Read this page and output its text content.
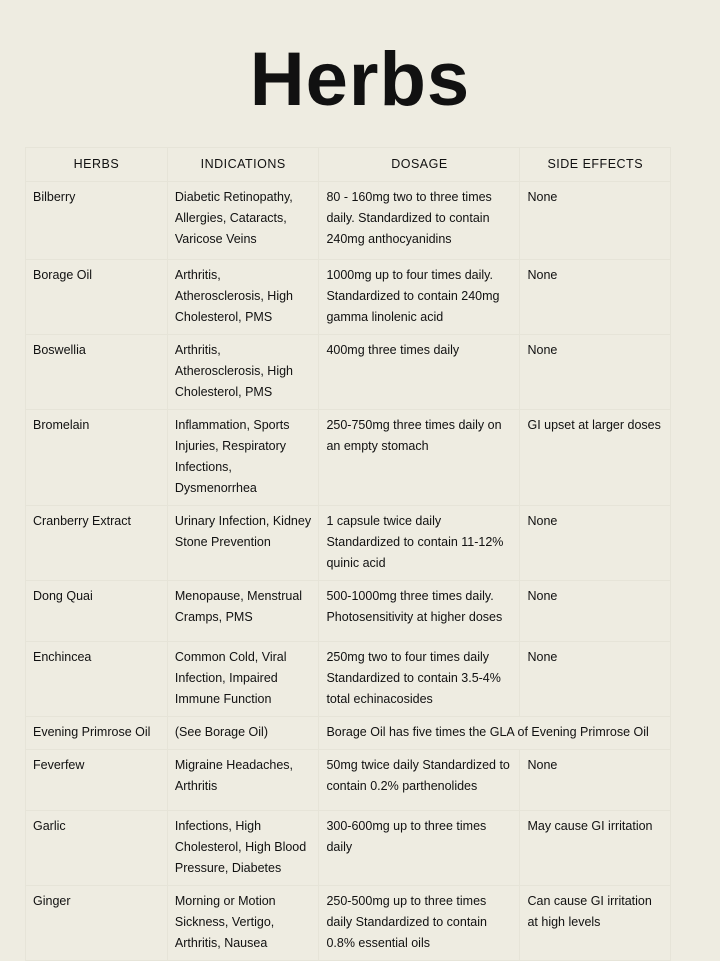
Herbs
HERBS	INDICATIONS	DOSAGE	SIDE EFFECTS
Bilberry	Diabetic Retinopathy, Allergies, Cataracts, Varicose Veins	80 - 160mg two to three times daily. Standardized to contain 240mg anthocyanidins	None
Borage Oil	Arthritis, Atherosclerosis, High Cholesterol, PMS	1000mg up to four times daily. Standardized to contain 240mg gamma linolenic acid	None
Boswellia	Arthritis, Atherosclerosis, High Cholesterol, PMS	400mg three times daily	None
Bromelain	Inflammation, Sports Injuries, Respiratory Infections, Dysmenorrhea	250-750mg three times daily on an empty stomach	GI upset at larger doses
Cranberry Extract	Urinary Infection, Kidney Stone Prevention	1 capsule twice daily Standardized to contain 11-12% quinic acid	None
Dong Quai	Menopause, Menstrual Cramps, PMS	500-1000mg three times daily. Photosensitivity at higher doses	None
Enchincea	Common Cold, Viral Infection, Impaired Immune Function	250mg two to four times daily Standardized to contain 3.5-4% total echinacosides	None
Evening Primrose Oil	(See Borage Oil)	Borage Oil has five times the GLA of Evening Primrose Oil	
Feverfew	Migraine Headaches, Arthritis	50mg twice daily Standardized to contain 0.2% parthenolides	None
Garlic	Infections, High Cholesterol, High Blood Pressure, Diabetes	300-600mg up to three times daily	May cause GI irritation
Ginger	Morning or Motion Sickness, Vertigo, Arthritis, Nausea	250-500mg up to three times daily Standardized to contain 0.8% essential oils	Can cause GI irritation at high levels
